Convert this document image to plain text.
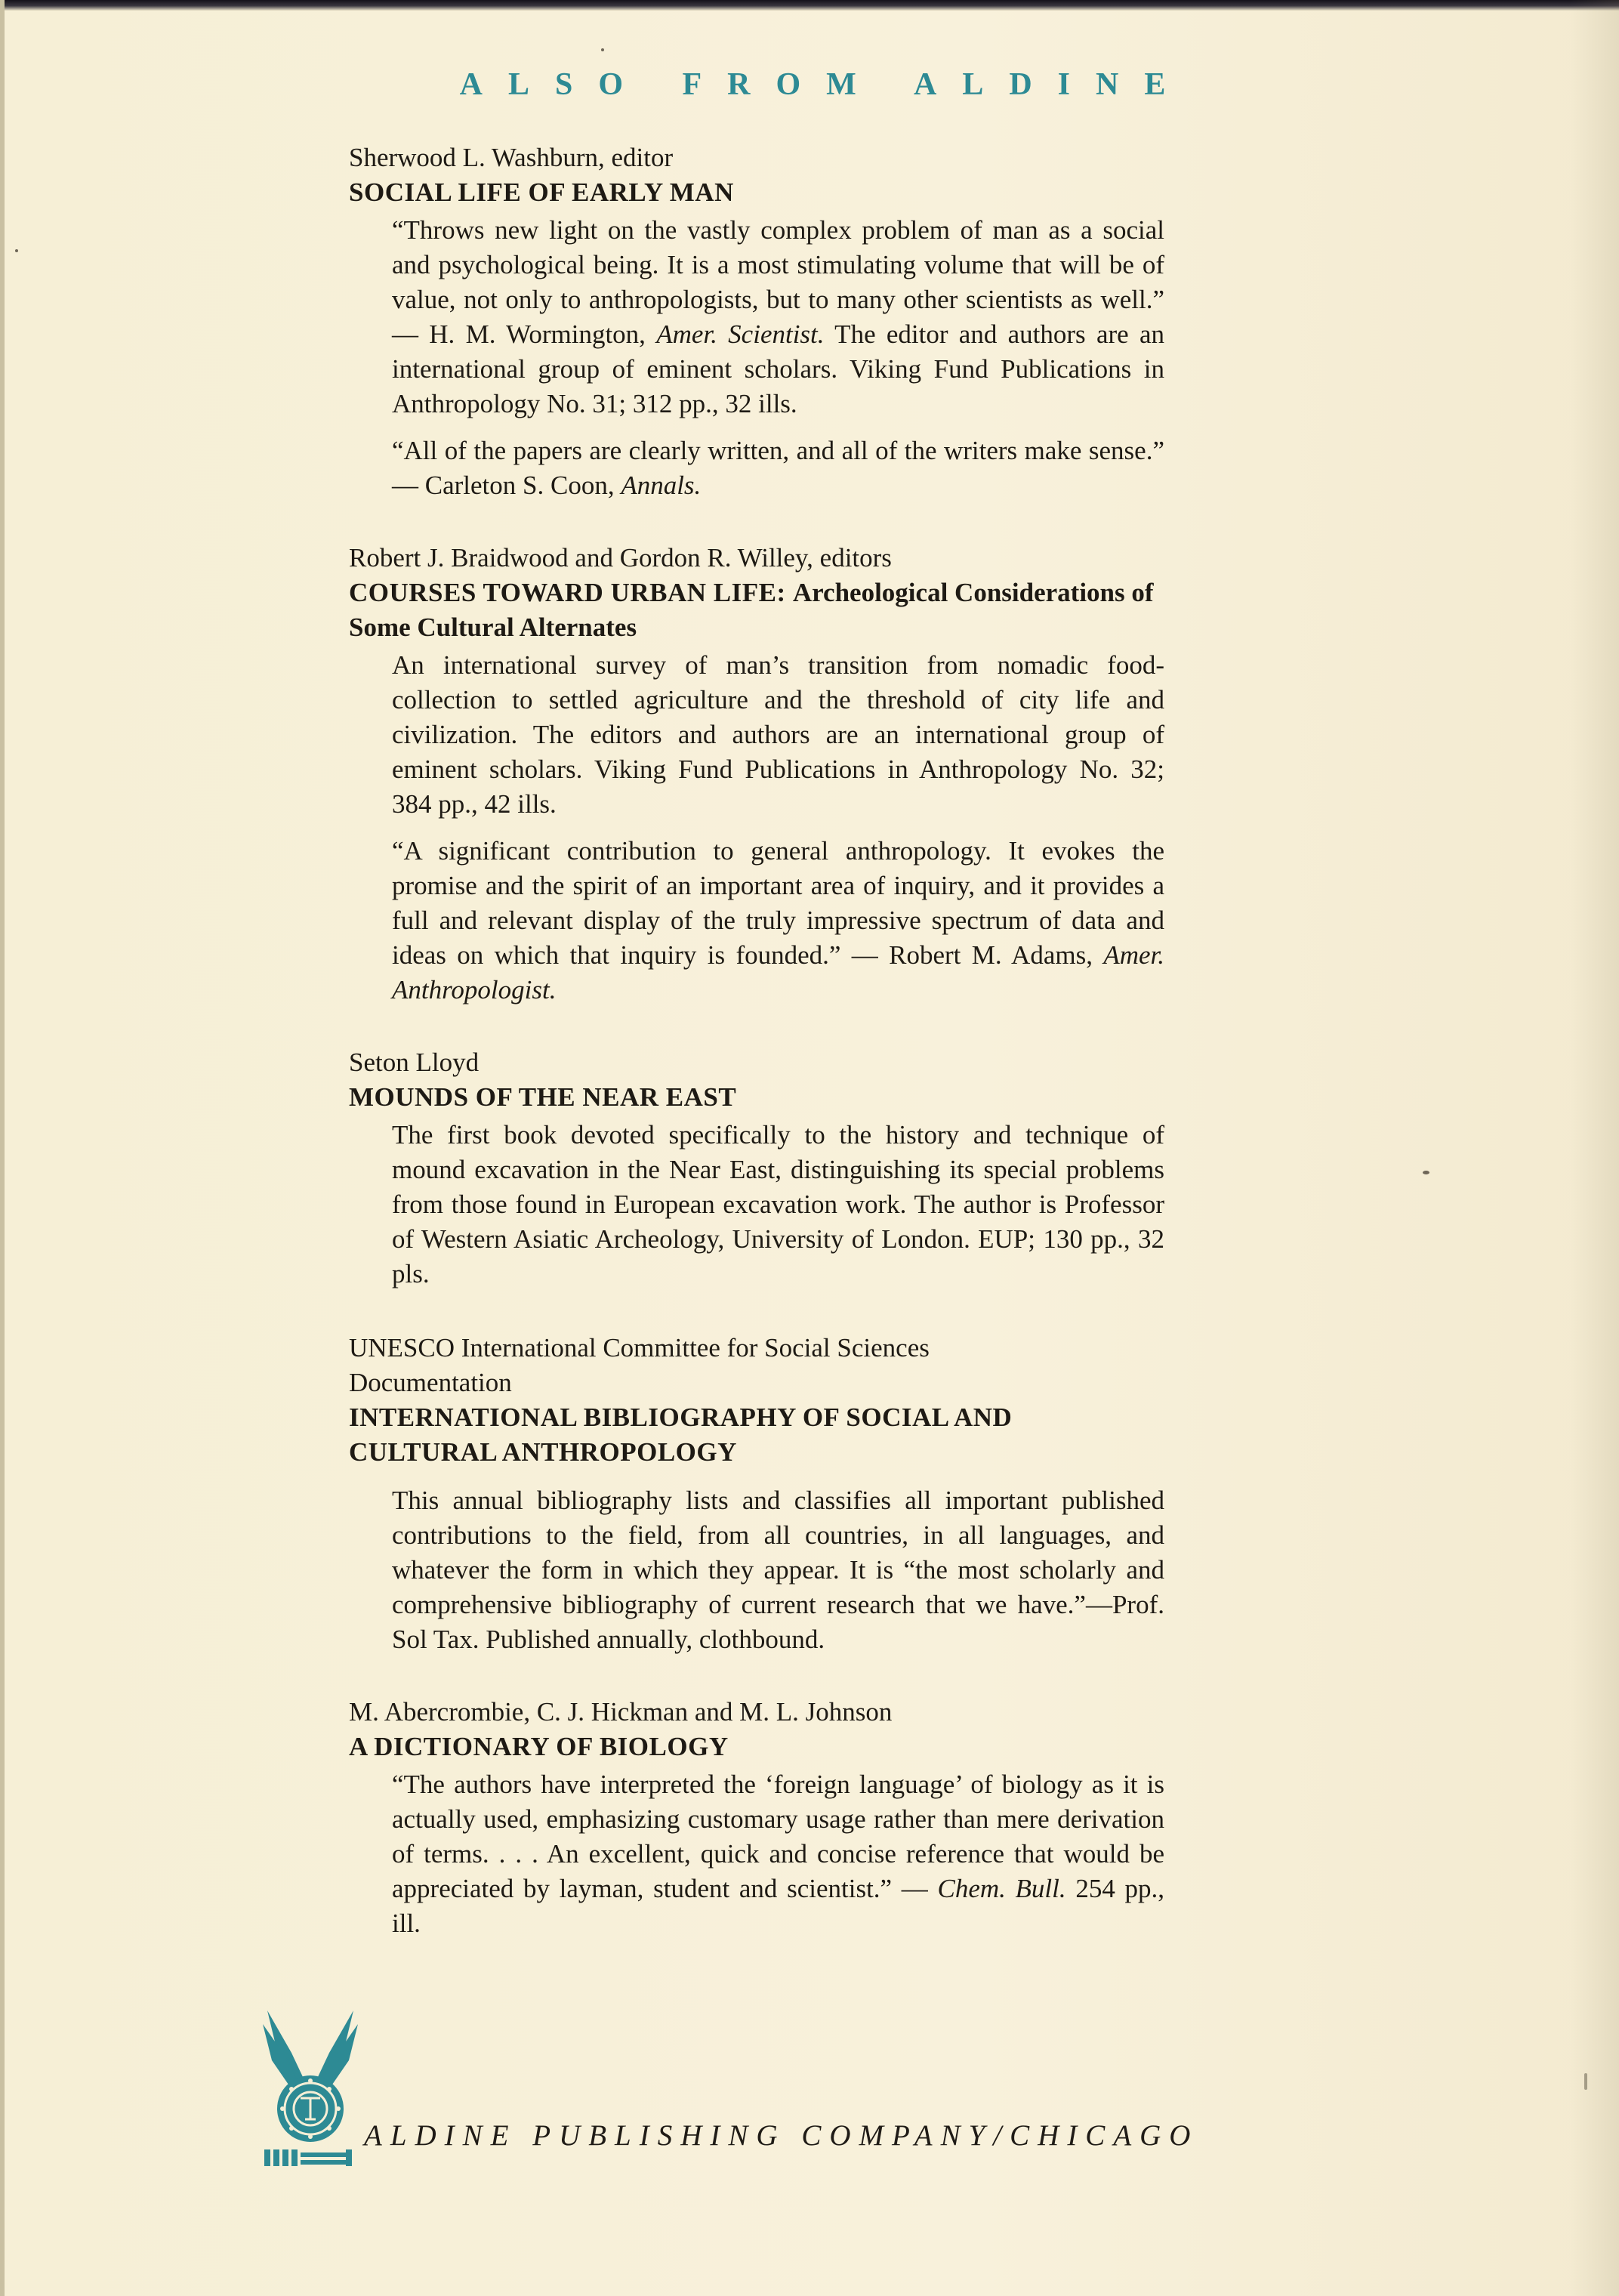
ALSO FROM ALDINE
Sherwood L. Washburn, editor
SOCIAL LIFE OF EARLY MAN
“Throws new light on the vastly complex problem of man as a social and psychological being. It is a most stimulating volume that will be of value, not only to anthropologists, but to many other scientists as well.” — H. M. Wormington, Amer. Scientist. The editor and authors are an international group of eminent scholars. Viking Fund Publications in Anthropology No. 31; 312 pp., 32 ills.
“All of the papers are clearly written, and all of the writers make sense.” — Carleton S. Coon, Annals.
Robert J. Braidwood and Gordon R. Willey, editors
COURSES TOWARD URBAN LIFE: Archeological Considerations of Some Cultural Alternates
An international survey of man’s transition from nomadic food-collection to settled agriculture and the threshold of city life and civilization. The editors and authors are an international group of eminent scholars. Viking Fund Publications in Anthropology No. 32; 384 pp., 42 ills.
“A significant contribution to general anthropology. It evokes the promise and the spirit of an important area of inquiry, and it provides a full and relevant display of the truly impressive spectrum of data and ideas on which that inquiry is founded.” — Robert M. Adams, Amer. Anthropologist.
Seton Lloyd
MOUNDS OF THE NEAR EAST
The first book devoted specifically to the history and technique of mound excavation in the Near East, distinguishing its special problems from those found in European excavation work. The author is Professor of Western Asiatic Archeology, University of London. EUP; 130 pp., 32 pls.
UNESCO International Committee for Social Sciences Documentation
INTERNATIONAL BIBLIOGRAPHY OF SOCIAL AND CULTURAL ANTHROPOLOGY
This annual bibliography lists and classifies all important published contributions to the field, from all countries, in all languages, and whatever the form in which they appear. It is “the most scholarly and comprehensive bibliography of current research that we have.”—Prof. Sol Tax. Published annually, clothbound.
M. Abercrombie, C. J. Hickman and M. L. Johnson
A DICTIONARY OF BIOLOGY
“The authors have interpreted the ‘foreign language’ of biology as it is actually used, emphasizing customary usage rather than mere derivation of terms. . . . An excellent, quick and concise reference that would be appreciated by layman, student and scientist.” — Chem. Bull. 254 pp., ill.
ALDINE PUBLISHING COMPANY/CHICAGO
